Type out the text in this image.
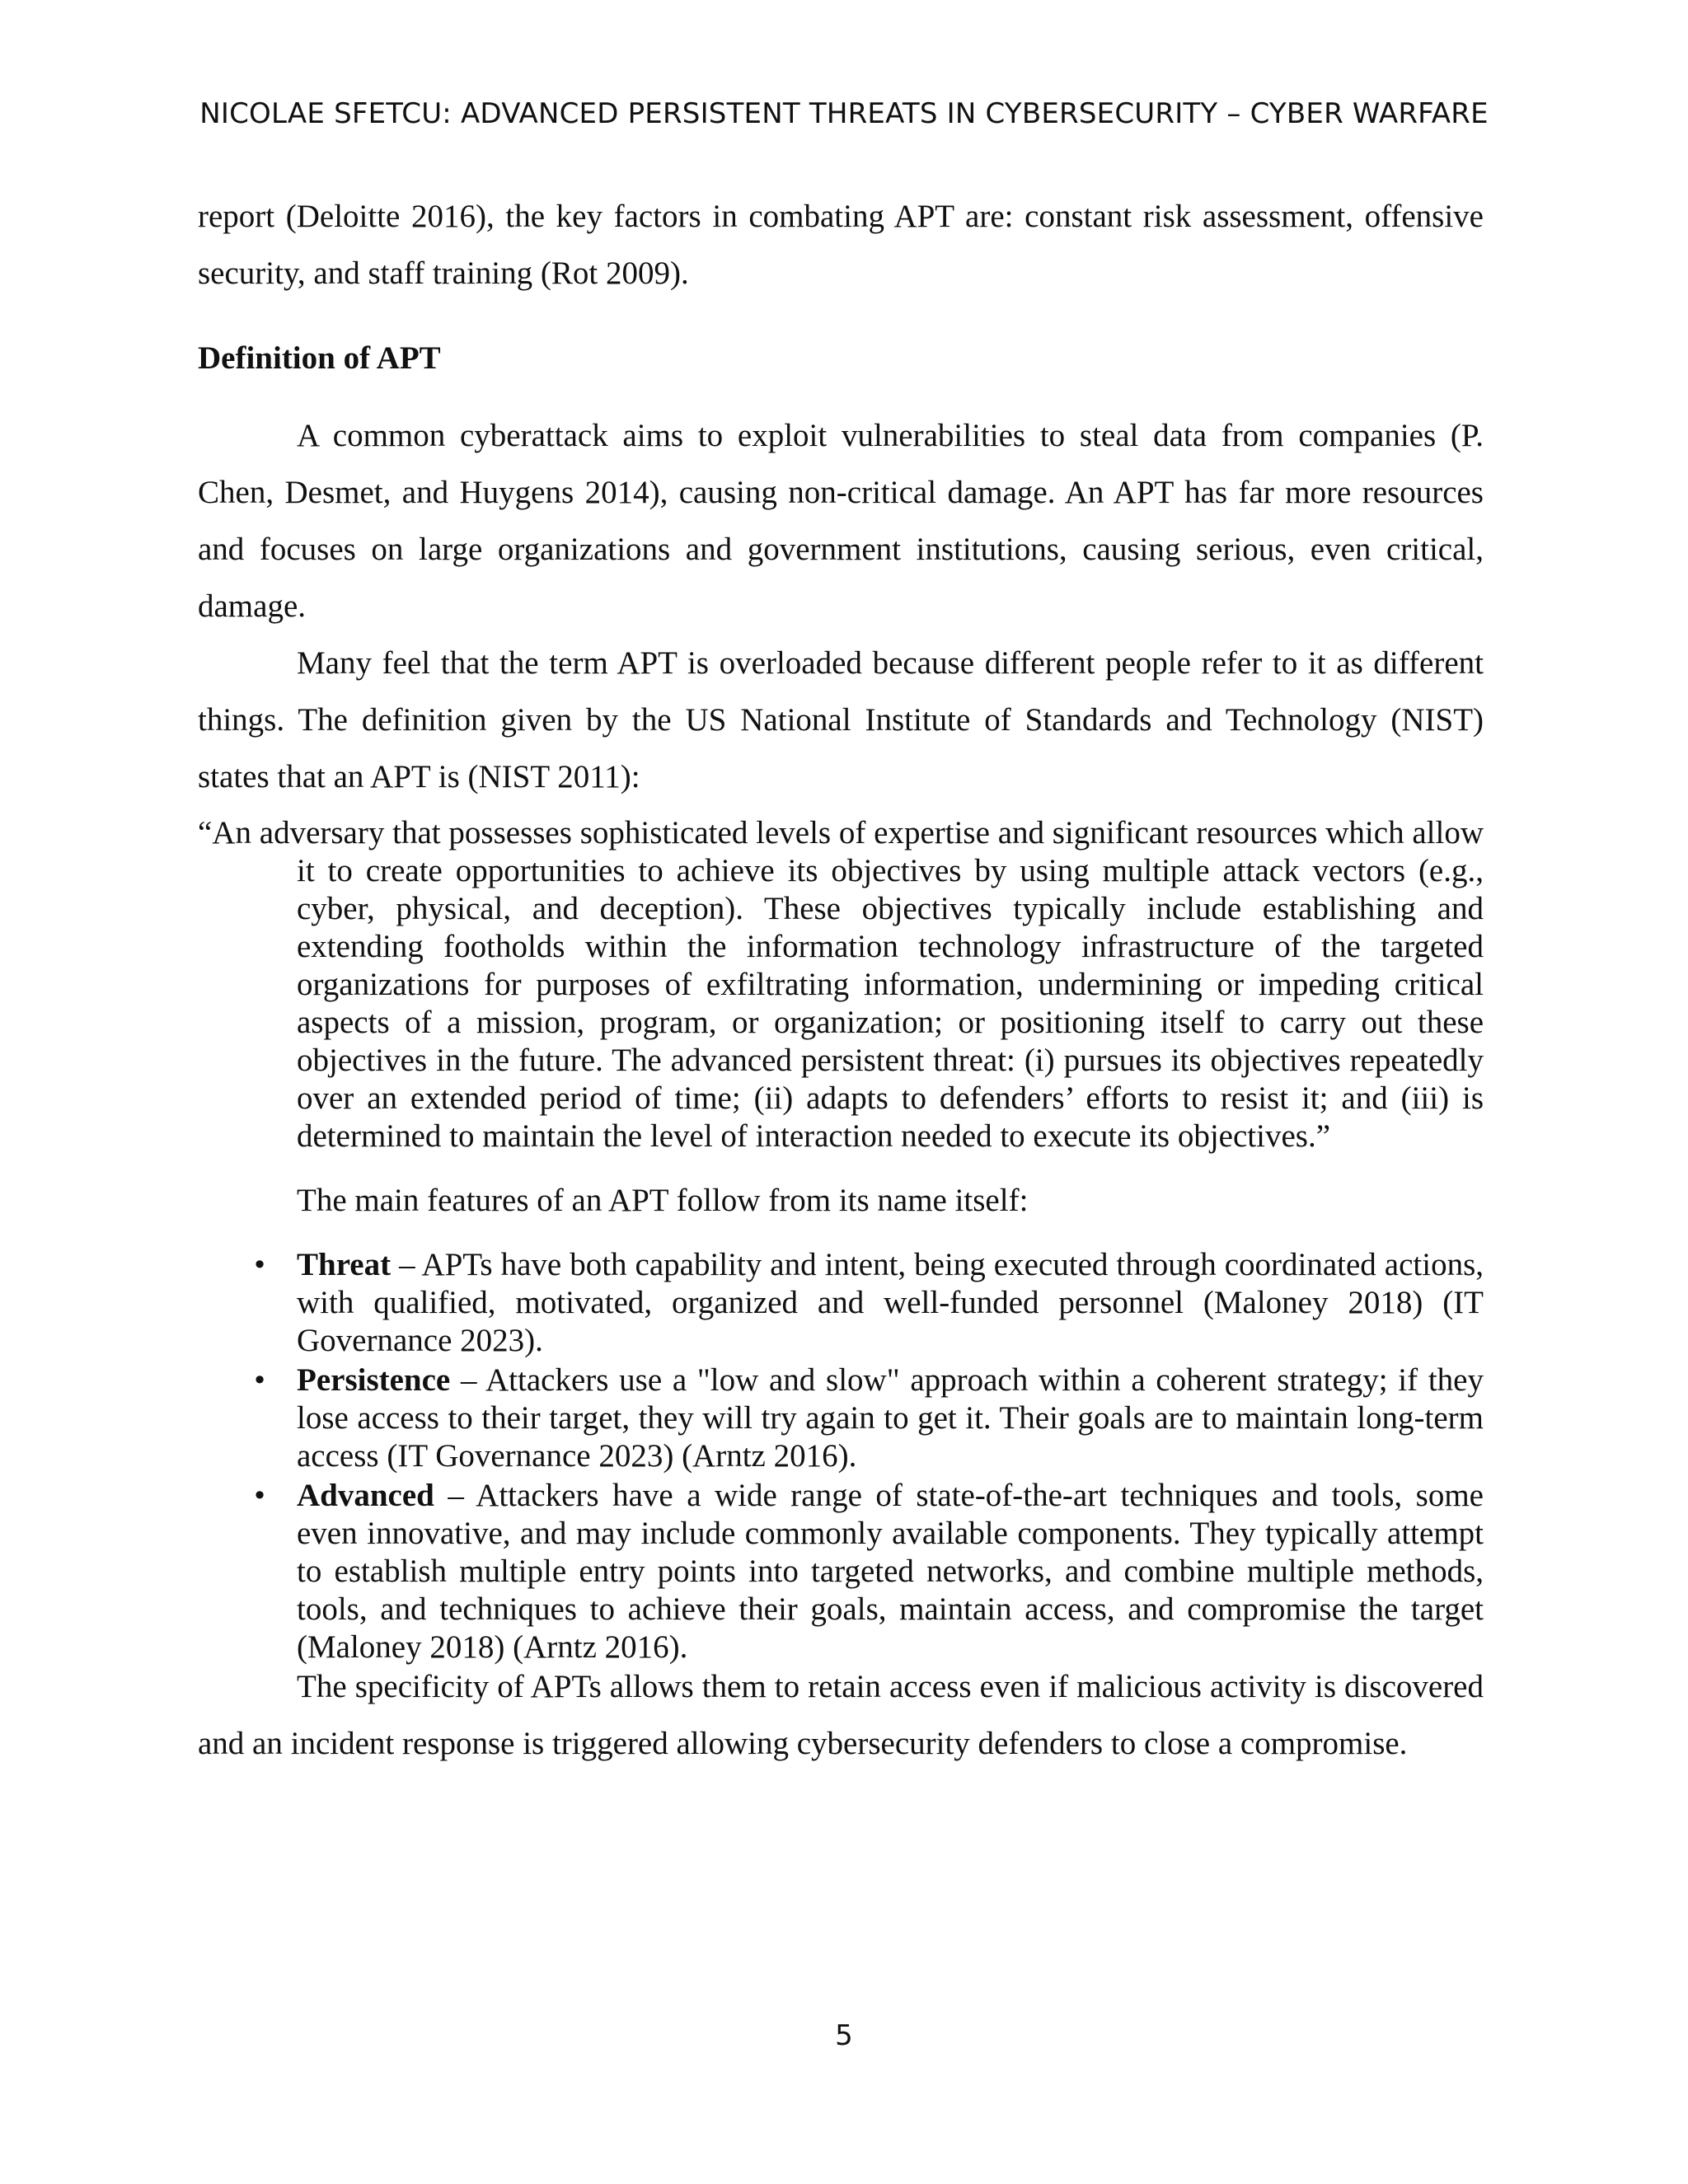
NICOLAE SFETCU: ADVANCED PERSISTENT THREATS IN CYBERSECURITY – CYBER WARFARE

report (Deloitte 2016), the key factors in combating APT are: constant risk assessment, offensive security, and staff training (Rot 2009).

Definition of APT

A common cyberattack aims to exploit vulnerabilities to steal data from companies (P. Chen, Desmet, and Huygens 2014), causing non-critical damage. An APT has far more resources and focuses on large organizations and government institutions, causing serious, even critical, damage.

Many feel that the term APT is overloaded because different people refer to it as different things. The definition given by the US National Institute of Standards and Technology (NIST) states that an APT is (NIST 2011):

“An adversary that possesses sophisticated levels of expertise and significant resources which allow it to create opportunities to achieve its objectives by using multiple attack vectors (e.g., cyber, physical, and deception). These objectives typically include establishing and extending footholds within the information technology infrastructure of the targeted organizations for purposes of exfiltrating information, undermining or impeding critical aspects of a mission, program, or organization; or positioning itself to carry out these objectives in the future. The advanced persistent threat: (i) pursues its objectives repeatedly over an extended period of time; (ii) adapts to defenders’ efforts to resist it; and (iii) is determined to maintain the level of interaction needed to execute its objectives.”

The main features of an APT follow from its name itself:

• Threat – APTs have both capability and intent, being executed through coordinated actions, with qualified, motivated, organized and well-funded personnel (Maloney 2018) (IT Governance 2023).
• Persistence – Attackers use a "low and slow" approach within a coherent strategy; if they lose access to their target, they will try again to get it. Their goals are to maintain long-term access (IT Governance 2023) (Arntz 2016).
• Advanced – Attackers have a wide range of state-of-the-art techniques and tools, some even innovative, and may include commonly available components. They typically attempt to establish multiple entry points into targeted networks, and combine multiple methods, tools, and techniques to achieve their goals, maintain access, and compromise the target (Maloney 2018) (Arntz 2016).

The specificity of APTs allows them to retain access even if malicious activity is discovered and an incident response is triggered allowing cybersecurity defenders to close a compromise.

5
